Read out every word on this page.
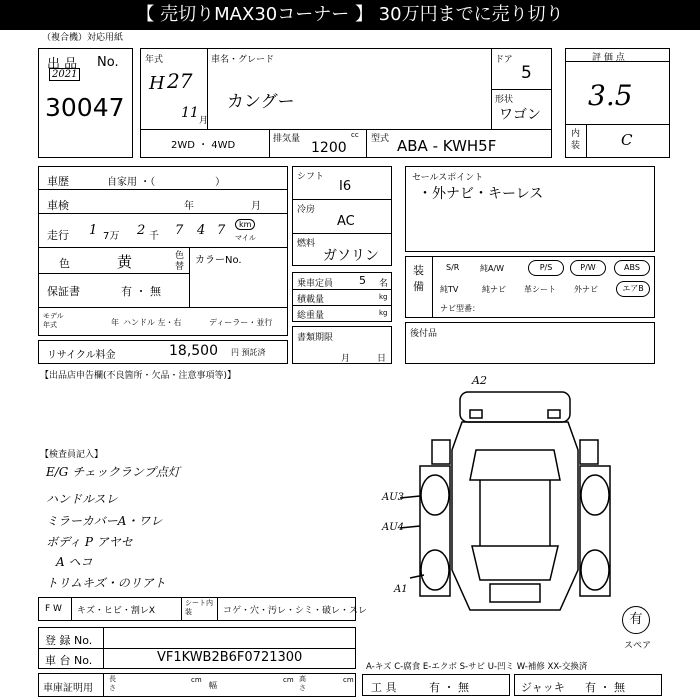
【 売切りMAX30コーナー 】 30万円までに売り切り
（複合機）対応用紙
出 品 No.
2021
30047
年式
H 27
11 月
車名・グレード
カングー
ドア
5
形状
ワゴン
2WD ・ 4WD
排気量	cc
1200
型式 ABA - KWH5F
評 価 点
3.5
内装	C
車歴	自家用 ・（　　　　　　）
車検	年	月
走行 1 7万 2 千 7 4 7	km
マイル
色	黄	色替
カラーNo.
保証書	有 ・ 無
モデル年式	年 ハンドル 左・右	ディーラー・並行
リサイクル料金	18,500 円 預託済
シフト
I6
冷房
AC
燃料
ガソリン
乗車定員 5 名
積載量	kg
総重量	kg
書類期限
月	日
セールスポイント
・外ナビ・キーレス
装備
S/R	純A/W	P/S	P/W	ABS
純TV	純ナビ 革シート 外ナビ	エアB
ナビ型番：
後付品
【出品店申告欄(不良箇所・欠品・注意事項等)】
【検査員記入】
E/G チェックランプ点灯
ハンドルスレ
ミラーカバーA・ワレ
ボディ P アヤセ
A ヘコ
トリムキズ・のリアト
A2
AU3
AU4
A1
有
スペア
F W キズ・ヒビ・割レX
シート内装	コゲ・穴・汚レ・シミ・破レ・スレ
登 録 No.
車 台 No.	VF1KWB2B6F0721300
A-キズ C-腐食 E-エクボ S-サビ U-凹ミ W-補修 XX-交換済
車庫証明用
長さ
cm
幅
cm 高さ
cm
工 具	有 ・ 無	ジャッキ 有 ・ 無
